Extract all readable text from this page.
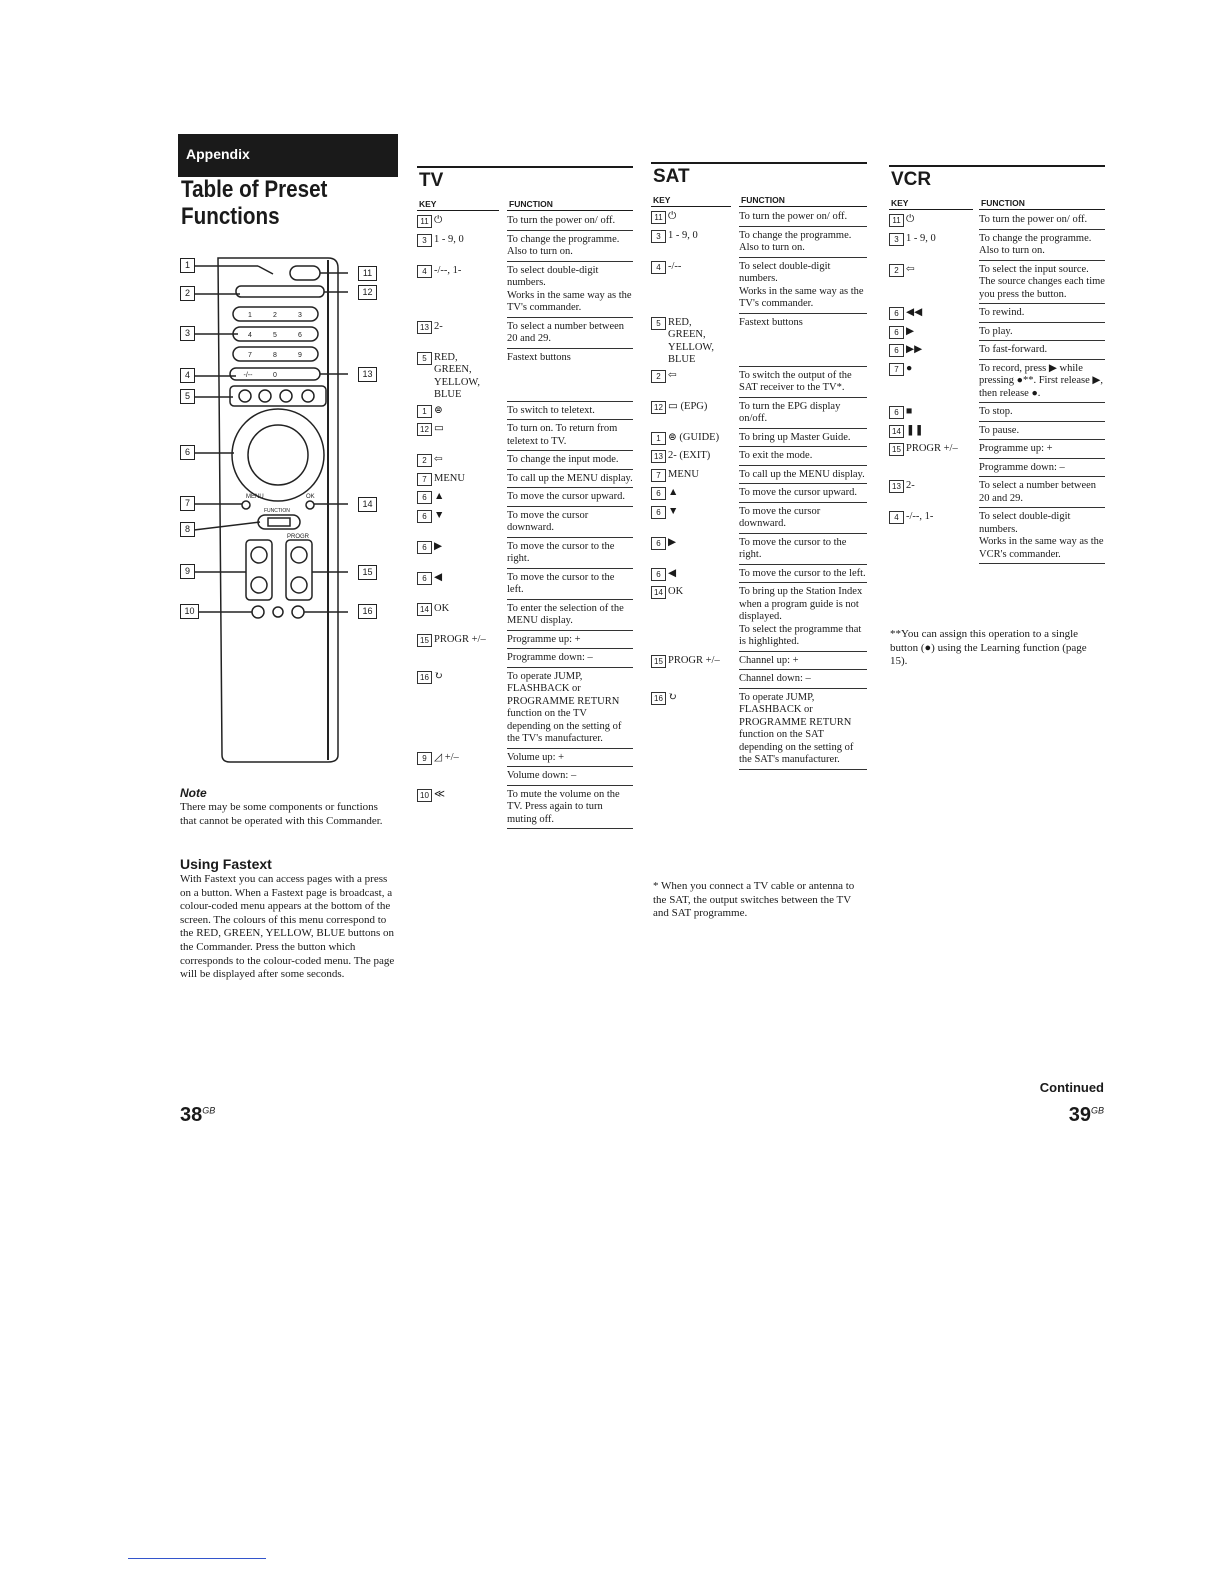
Appendix
Table of Preset Functions
MENU	OK
FUNCTION
PROGR
1	2	3
4	5	6
7	8	9
-/--	0
1
2
3
4
5
6
7
8
9
10
11
12
13
14
15
16
Note
There may be some components or functions that cannot be operated with this Commander.
Using Fastext
With Fastext you can access pages with a press on a button. When a Fastext page is broadcast, a colour-coded menu appears at the bottom of the screen. The colours of this menu correspond to the RED, GREEN, YELLOW, BLUE buttons on the Commander. Press the button which corresponds to the colour-coded menu. The page will be displayed after some seconds.
TV
KEY	FUNCTION
11 ⏻	To turn the power on/ off.
3 1 - 9, 0	To change the programme.
Also to turn on.
4 -/--, 1-	To select double-digit numbers.
Works in the same way as the TV's commander.
13 2-	To select a number between 20 and 29.
5 RED,
GREEN,
YELLOW,
BLUE
Fastext buttons
1 ⊜	To switch to teletext.
12 ▭	To turn on. To return from teletext to TV.
2 ⇦	To change the input mode.
7 MENU	To call up the MENU display.
6 ▲	To move the cursor upward.
6 ▼	To move the cursor downward.
6 ▶	To move the cursor to the right.
6 ◀	To move the cursor to the left.
14 OK	To enter the selection of the MENU display.
15 PROGR +/– Programme up: +
Programme down: –
16 ↻	To operate JUMP, FLASHBACK or PROGRAMME RETURN function on the TV depending on the setting of the TV's manufacturer.
9 ◿ +/–	Volume up: +
Volume down: –
10 ≪	To mute the volume on the TV. Press again to turn muting off.
SAT
KEY	FUNCTION
11 ⏻	To turn the power on/ off.
3 1 - 9, 0	To change the programme.
Also to turn on.
4 -/--	To select double-digit numbers.
Works in the same way as the TV's commander.
5 RED,
GREEN,
YELLOW,
BLUE
Fastext buttons
2 ⇦	To switch the output of the SAT receiver to the TV*.
12 ▭ (EPG)	To turn the EPG display on/off.
1 ⊜ (GUIDE) To bring up Master Guide.
13 2- (EXIT)	To exit the mode.
7 MENU	To call up the MENU display.
6 ▲	To move the cursor upward.
6 ▼	To move the cursor downward.
6 ▶	To move the cursor to the right.
6 ◀	To move the cursor to the left.
14 OK	To bring up the Station Index when a program guide is not displayed.
To select the programme that is highlighted.
15 PROGR +/– Channel up: +
Channel down: –
16 ↻	To operate JUMP, FLASHBACK or PROGRAMME RETURN function on the SAT depending on the setting of the SAT's manufacturer.
* When you connect a TV cable or antenna to the SAT, the output switches between the TV and SAT programme.
VCR
KEY	FUNCTION
11 ⏻	To turn the power on/ off.
3 1 - 9, 0	To change the programme.
Also to turn on.
2 ⇦	To select the input source. The source changes each time you press the button.
6 ◀◀	To rewind.
6 ▶	To play.
6 ▶▶	To fast-forward.
7 ●	To record, press ▶ while pressing ●**. First release ▶, then release ●.
6 ■	To stop.
14 ❚❚	To pause.
15 PROGR +/– Programme up: +
Programme down: –
13 2-	To select a number between 20 and 29.
4 -/--, 1-	To select double-digit numbers.
Works in the same way as the VCR's commander.
**You can assign this operation to a single button (●) using the Learning function (page 15).
$38^{GB}$
Continued
$39^{GB}$
